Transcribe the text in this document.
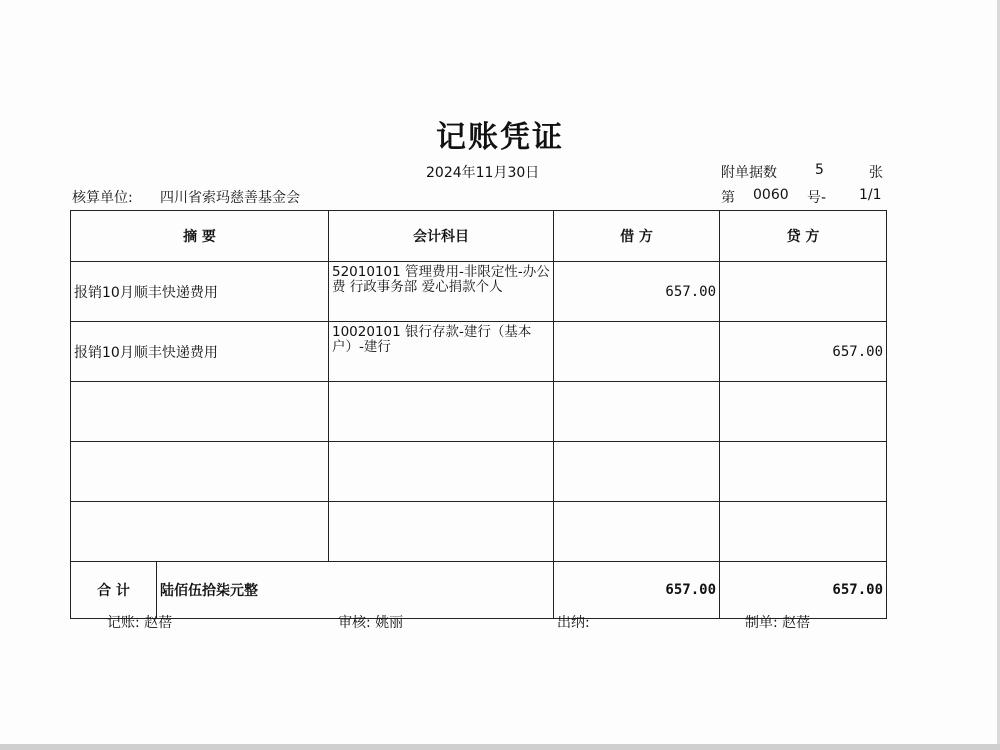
记账凭证
2024年11月30日	附单据数	5	张
核算单位: 四川省索玛慈善基金会	第 0060 号- 1/1
摘 要		会计科目	借 方	贷 方
报销10月顺丰快递费用		52010101 管理费用-非限定性-办公费 行政事务部 爱心捐款个人	657.00	
报销10月顺丰快递费用		10020101 银行存款-建行（基本户）-建行		657.00

合 计	陆佰伍拾柒元整		657.00	657.00
记账: 赵蓓	审核: 姚丽	出纳:	制单: 赵蓓
